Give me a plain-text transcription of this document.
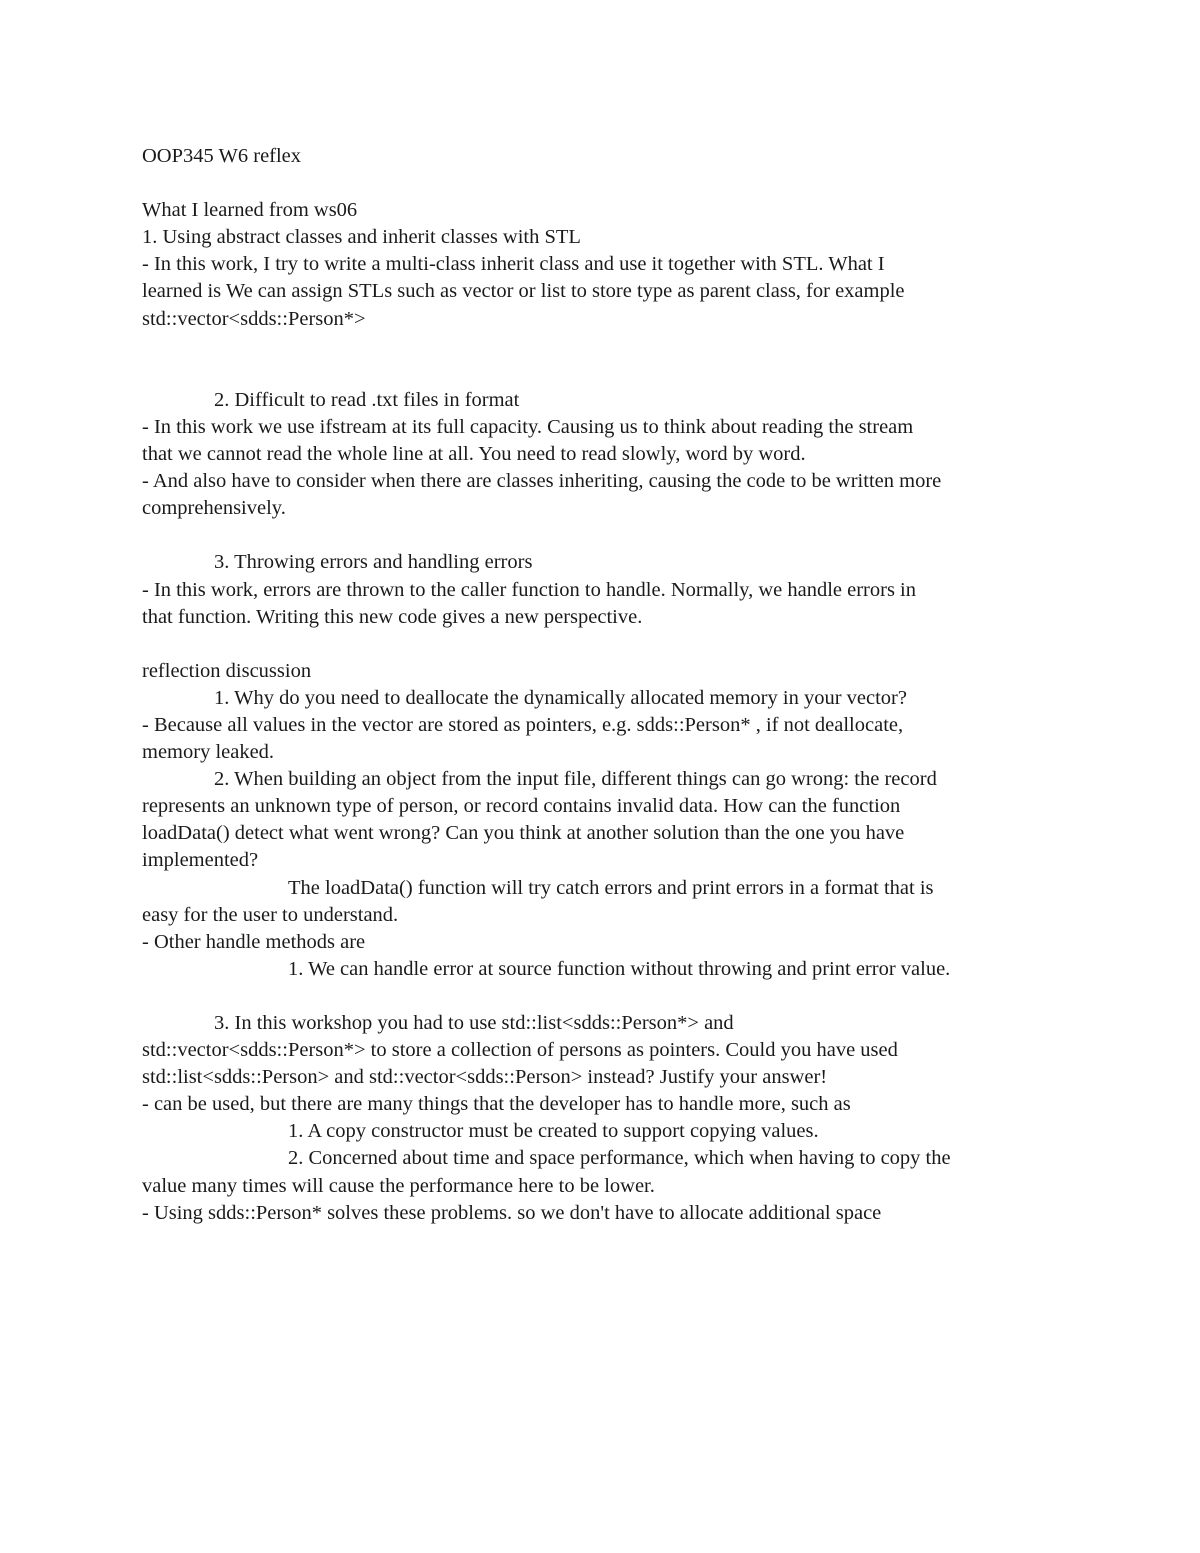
OOP345 W6 reflex
What I learned from ws06
1. Using abstract classes and inherit classes with STL
- In this work, I try to write a multi-class inherit class and use it together with STL. What I
learned is We can assign STLs such as vector or list to store type as parent class, for example
std::vector<sdds::Person*>
2. Difficult to read .txt files in format
- In this work we use ifstream at its full capacity. Causing us to think about reading the stream
that we cannot read the whole line at all. You need to read slowly, word by word.
- And also have to consider when there are classes inheriting, causing the code to be written more
comprehensively.
3. Throwing errors and handling errors
- In this work, errors are thrown to the caller function to handle. Normally, we handle errors in
that function. Writing this new code gives a new perspective.
reflection discussion
1. Why do you need to deallocate the dynamically allocated memory in your vector?
- Because all values in the vector are stored as pointers, e.g. sdds::Person* , if not deallocate,
memory leaked.
2. When building an object from the input file, different things can go wrong: the record
represents an unknown type of person, or record contains invalid data. How can the function
loadData() detect what went wrong? Can you think at another solution than the one you have
implemented?
The loadData() function will try catch errors and print errors in a format that is
easy for the user to understand.
- Other handle methods are
1. We can handle error at source function without throwing and print error value.
3. In this workshop you had to use std::list<sdds::Person*> and
std::vector<sdds::Person*> to store a collection of persons as pointers. Could you have used
std::list<sdds::Person> and std::vector<sdds::Person> instead? Justify your answer!
- can be used, but there are many things that the developer has to handle more, such as
1. A copy constructor must be created to support copying values.
2. Concerned about time and space performance, which when having to copy the
value many times will cause the performance here to be lower.
- Using sdds::Person* solves these problems. so we don't have to allocate additional space
